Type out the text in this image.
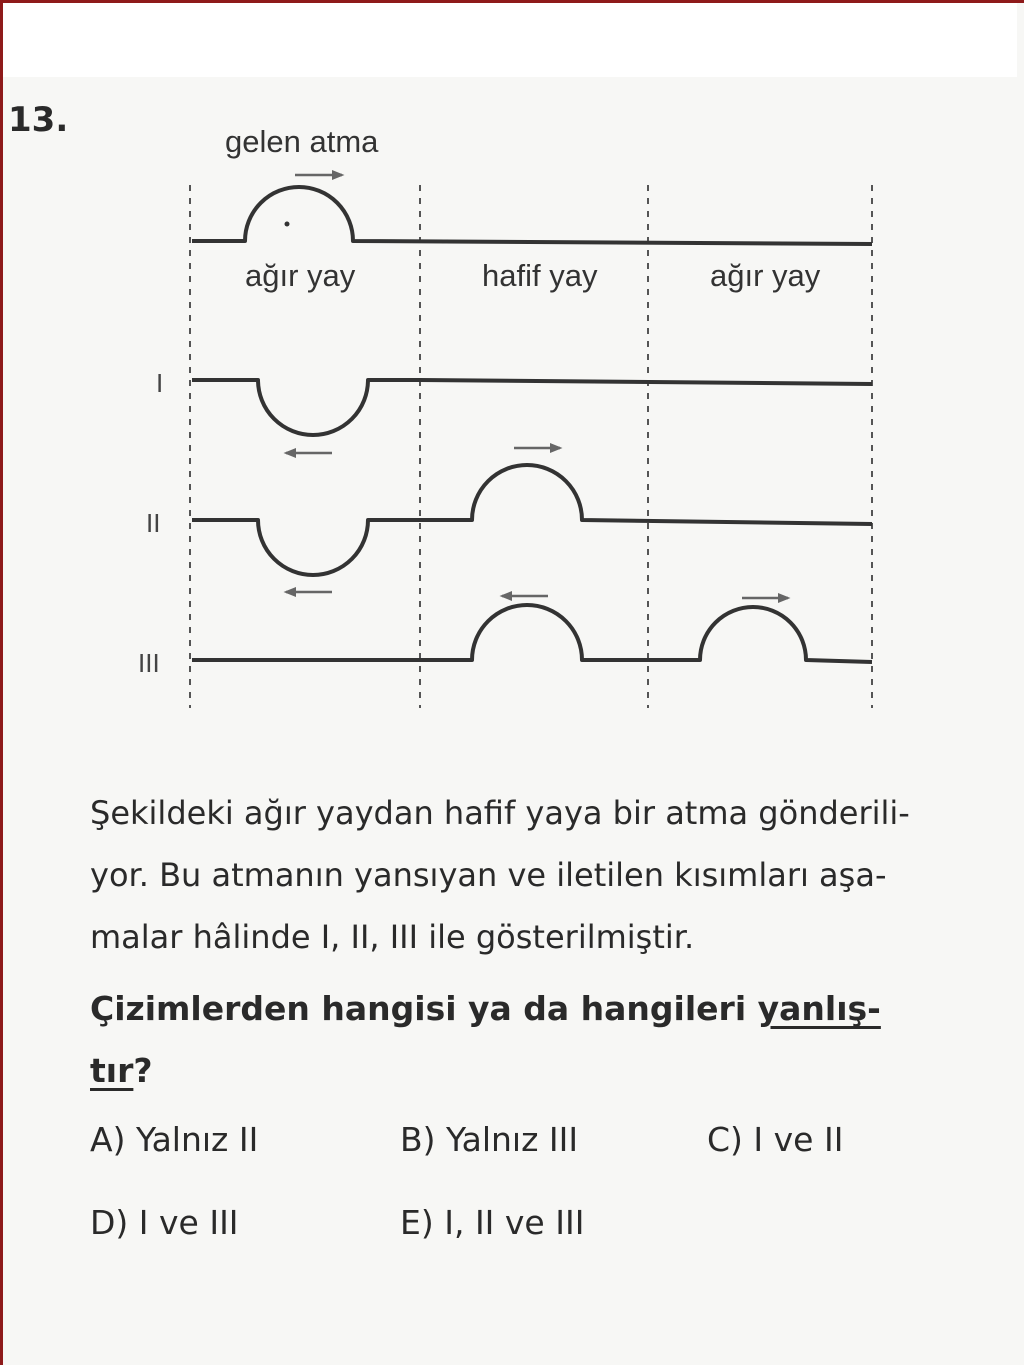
13.
gelen atma
ağır yay	hafif yay	ağır yay
I
II
III
Şekildeki ağır yaydan hafif yaya bir atma gönderili-
yor. Bu atmanın yansıyan ve iletilen kısımları aşa-
malar hâlinde I, II, III ile gösterilmiştir.
Çizimlerden hangisi ya da hangileri yanlış-
tır?
A) Yalnız II	B) Yalnız III	C) I ve II
D) I ve III	E) I, II ve III
